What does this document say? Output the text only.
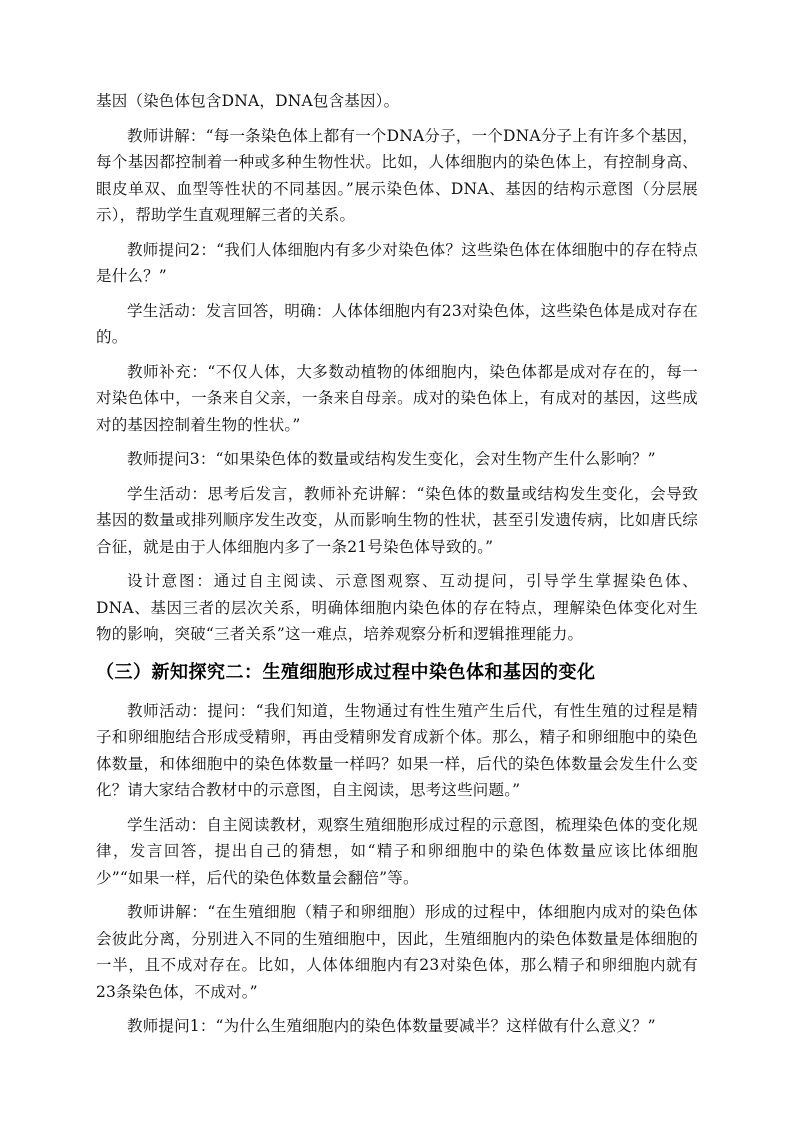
基因（染色体包含DNA，DNA包含基因）。

教师讲解：“每一条染色体上都有一个DNA分子，一个DNA分子上有许多个基因，每个基因都控制着一种或多种生物性状。比如，人体细胞内的染色体上，有控制身高、眼皮单双、血型等性状的不同基因。”展示染色体、DNA、基因的结构示意图（分层展示），帮助学生直观理解三者的关系。

教师提问2：“我们人体细胞内有多少对染色体？这些染色体在体细胞中的存在特点是什么？”

学生活动：发言回答，明确：人体体细胞内有23对染色体，这些染色体是成对存在的。

教师补充：“不仅人体，大多数动植物的体细胞内，染色体都是成对存在的，每一对染色体中，一条来自父亲，一条来自母亲。成对的染色体上，有成对的基因，这些成对的基因控制着生物的性状。”

教师提问3：“如果染色体的数量或结构发生变化，会对生物产生什么影响？”

学生活动：思考后发言，教师补充讲解：“染色体的数量或结构发生变化，会导致基因的数量或排列顺序发生改变，从而影响生物的性状，甚至引发遗传病，比如唐氏综合征，就是由于人体细胞内多了一条21号染色体导致的。”

设计意图：通过自主阅读、示意图观察、互动提问，引导学生掌握染色体、DNA、基因三者的层次关系，明确体细胞内染色体的存在特点，理解染色体变化对生物的影响，突破“三者关系”这一难点，培养观察分析和逻辑推理能力。

（三）新知探究二：生殖细胞形成过程中染色体和基因的变化

教师活动：提问：“我们知道，生物通过有性生殖产生后代，有性生殖的过程是精子和卵细胞结合形成受精卵，再由受精卵发育成新个体。那么，精子和卵细胞中的染色体数量，和体细胞中的染色体数量一样吗？如果一样，后代的染色体数量会发生什么变化？请大家结合教材中的示意图，自主阅读，思考这些问题。”

学生活动：自主阅读教材，观察生殖细胞形成过程的示意图，梳理染色体的变化规律，发言回答，提出自己的猜想，如“精子和卵细胞中的染色体数量应该比体细胞少”“如果一样，后代的染色体数量会翻倍”等。

教师讲解：“在生殖细胞（精子和卵细胞）形成的过程中，体细胞内成对的染色体会彼此分离，分别进入不同的生殖细胞中，因此，生殖细胞内的染色体数量是体细胞的一半，且不成对存在。比如，人体体细胞内有23对染色体，那么精子和卵细胞内就有23条染色体，不成对。”

教师提问1：“为什么生殖细胞内的染色体数量要减半？这样做有什么意义？”
